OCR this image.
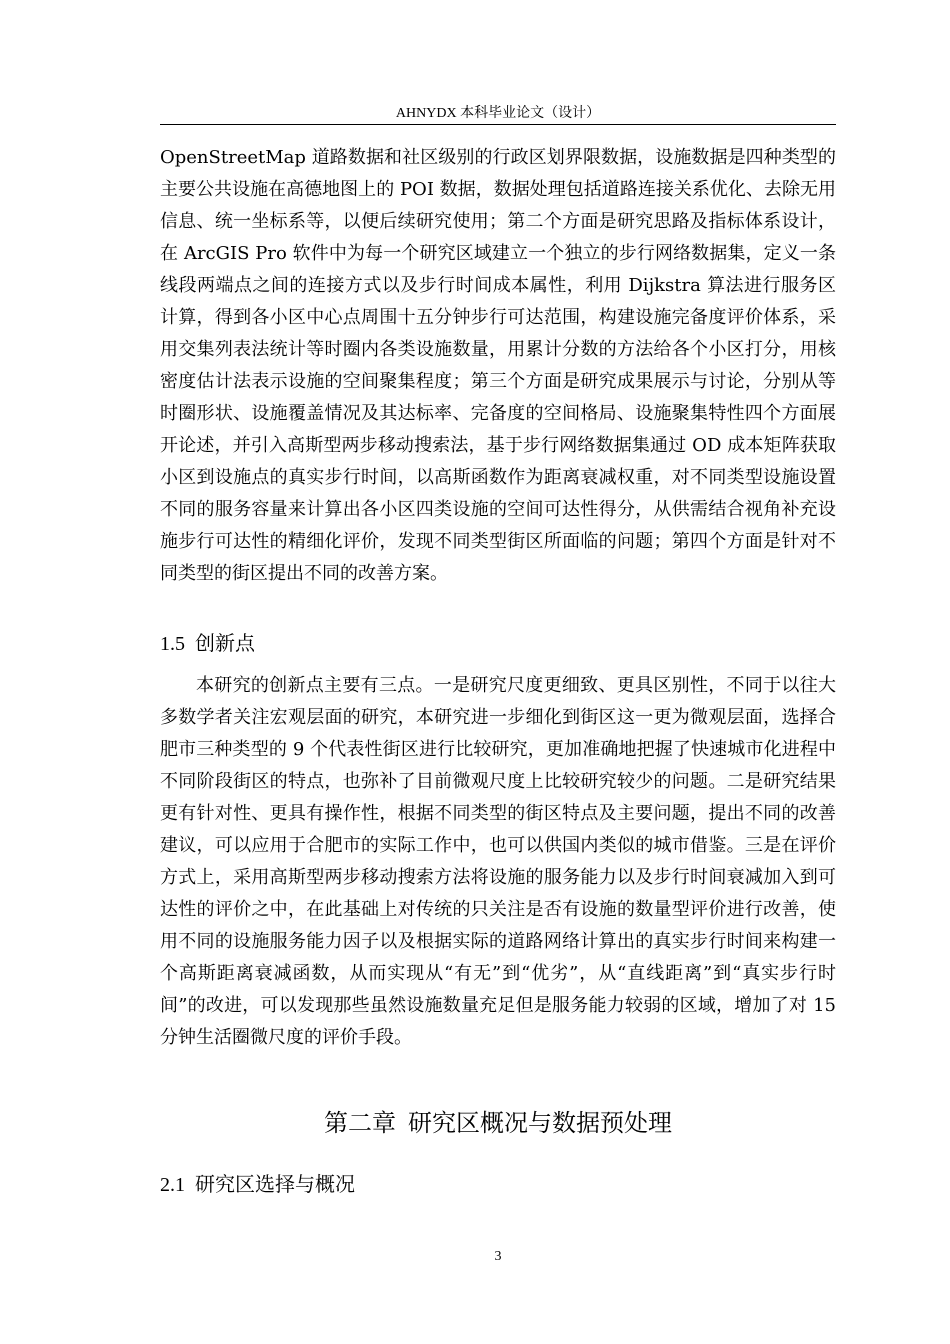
AHNYDX 本科毕业论文（设计）

OpenStreetMap 道路数据和社区级别的行政区划界限数据，设施数据是四种类型的主要公共设施在高德地图上的 POI 数据，数据处理包括道路连接关系优化、去除无用信息、统一坐标系等，以便后续研究使用；第二个方面是研究思路及指标体系设计，在 ArcGIS Pro 软件中为每一个研究区域建立一个独立的步行网络数据集，定义一条线段两端点之间的连接方式以及步行时间成本属性，利用 Dijkstra 算法进行服务区计算，得到各小区中心点周围十五分钟步行可达范围，构建设施完备度评价体系，采用交集列表法统计等时圈内各类设施数量，用累计分数的方法给各个小区打分，用核密度估计法表示设施的空间聚集程度；第三个方面是研究成果展示与讨论，分别从等时圈形状、设施覆盖情况及其达标率、完备度的空间格局、设施聚集特性四个方面展开论述，并引入高斯型两步移动搜索法，基于步行网络数据集通过 OD 成本矩阵获取小区到设施点的真实步行时间，以高斯函数作为距离衰减权重，对不同类型设施设置不同的服务容量来计算出各小区四类设施的空间可达性得分，从供需结合视角补充设施步行可达性的精细化评价，发现不同类型街区所面临的问题；第四个方面是针对不同类型的街区提出不同的改善方案。

1.5 创新点

本研究的创新点主要有三点。一是研究尺度更细致、更具区别性，不同于以往大多数学者关注宏观层面的研究，本研究进一步细化到街区这一更为微观层面，选择合肥市三种类型的 9 个代表性街区进行比较研究，更加准确地把握了快速城市化进程中不同阶段街区的特点，也弥补了目前微观尺度上比较研究较少的问题。二是研究结果更有针对性、更具有操作性，根据不同类型的街区特点及主要问题，提出不同的改善建议，可以应用于合肥市的实际工作中，也可以供国内类似的城市借鉴。三是在评价方式上，采用高斯型两步移动搜索方法将设施的服务能力以及步行时间衰减加入到可达性的评价之中，在此基础上对传统的只关注是否有设施的数量型评价进行改善，使用不同的设施服务能力因子以及根据实际的道路网络计算出的真实步行时间来构建一个高斯距离衰减函数，从而实现从“有无”到“优劣”，从“直线距离”到“真实步行时间”的改进，可以发现那些虽然设施数量充足但是服务能力较弱的区域，增加了对 15 分钟生活圈微尺度的评价手段。

第二章 研究区概况与数据预处理
2.1 研究区选择与概况
3
